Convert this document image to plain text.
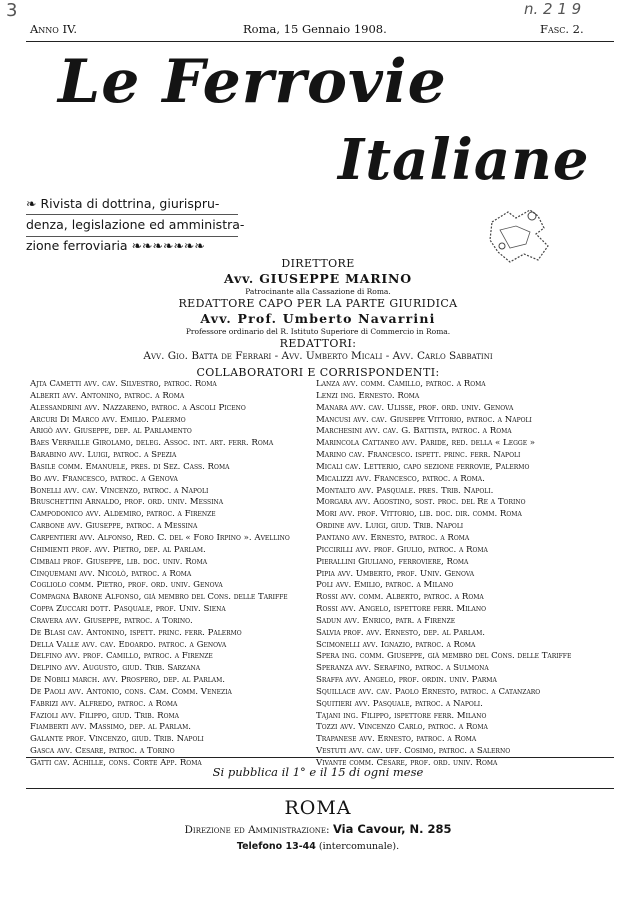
3	n. 2 1 9
Anno IV.	Roma, 15 Gennaio 1908.	Fasc. 2.
Le Ferrovie
Italiane
❧ Rivista di dottrina, giurispru-
denza, legislazione ed amministra-
zione ferroviaria ❧❧❧❧❧❧❧
DIRETTORE
Avv. GIUSEPPE MARINO
Patrocinante alla Cassazione di Roma.
REDATTORE CAPO PER LA PARTE GIURIDICA
Avv. Prof. Umberto Navarrini
Professore ordinario del R. Istituto Superiore di Commercio in Roma.
REDATTORI:
Avv. Gio. Batta de Ferrari - Avv. Umberto Micali - Avv. Carlo Sabbatini
COLLABORATORI E CORRISPONDENTI:
Ajta Cametti avv. cav. Silvestro, patroc. Roma
Alberti avv. Antonino, patroc. a Roma
Alessandrini avv. Nazzareno, patroc. a Ascoli Piceno
Arcuri Di Marco avv. Emilio. Palermo
Arigò avv. Giuseppe, dep. al Parlamento
Baes Verfaille Girolamo, deleg. Assoc. int. art. ferr. Roma
Barabino avv. Luigi, patroc. a Spezia
Basile comm. Emanuele, pres. di Sez. Cass. Roma
Bo avv. Francesco, patroc. a Genova
Bonelli avv. cav. Vincenzo, patroc. a Napoli
Bruschettini Arnaldo, prof. ord. univ. Messina
Campodonico avv. Aldemiro, patroc. a Firenze
Carbone avv. Giuseppe, patroc. a Messina
Carpentieri avv. Alfonso, Red. C. del « Foro Irpino ». Avellino
Chimienti prof. avv. Pietro, dep. al Parlam.
Cimbali prof. Giuseppe, lib. doc. univ. Roma
Cinquemani avv. Nicolò, patroc. a Roma
Cogliolo comm. Pietro, prof. ord. univ. Genova
Compagna Barone Alfonso, già membro del Cons. delle Tariffe
Coppa Zuccari dott. Pasquale, prof. Univ. Siena
Cravera avv. Giuseppe, patroc. a Torino.
De Blasi cav. Antonino, ispett. princ. ferr. Palermo
Della Valle avv. cav. Edoardo. patroc. a Genova
Delfino avv. prof. Camillo, patroc. a Firenze
Delpino avv. Augusto, giud. Trib. Sarzana
De Nobili march. avv. Prospero, dep. al Parlam.
De Paoli avv. Antonio, cons. Cam. Comm. Venezia
Fabrizi avv. Alfredo, patroc. a Roma
Fazioli avv. Filippo, giud. Trib. Roma
Fiamberti avv. Massimo, dep. al Parlam.
Galante prof. Vincenzo, giud. Trib. Napoli
Gasca avv. Cesare, patroc. a Torino
Gatti cav. Achille, cons. Corte App. Roma
Lanza avv. comm. Camillo, patroc. a Roma
Lenzi ing. Ernesto. Roma
Manara avv. cav. Ulisse, prof. ord. univ. Genova
Mancusi avv. cav. Giuseppe Vittorio, patroc. a Napoli
Marchesini avv. cav. G. Battista, patroc. a Roma
Marincola Cattaneo avv. Paride, red. della « Legge »
Marino cav. Francesco. ispett. princ. ferr. Napoli
Micali cav. Letterio, capo sezione ferrovie, Palermo
Micalizzi avv. Francesco, patroc. a Roma.
Montalto avv. Pasquale. pres. Trib. Napoli.
Morgara avv. Agostino, sost. proc. del Re a Torino
Mori avv. prof. Vittorio, lib. doc. dir. comm. Roma
Ordine avv. Luigi, giud. Trib. Napoli
Pantano avv. Ernesto, patroc. a Roma
Piccirilli avv. prof. Giulio, patroc. a Roma
Pierallini Giuliano, ferroviere, Roma
Pipia avv. Umberto, prof. Univ. Genova
Poli avv. Emilio, patroc. a Milano
Rossi avv. comm. Alberto, patroc. a Roma
Rossi avv. Angelo, ispettore ferr. Milano
Sadun avv. Enrico, patr. a Firenze
Salvia prof. avv. Ernesto, dep. al Parlam.
Scimonelli avv. Ignazio, patroc. a Roma
Spera ing. comm. Giuseppe, già membro del Cons. delle Tariffe
Speranza avv. Serafino, patroc. a Sulmona
Sraffa avv. Angelo, prof. ordin. univ. Parma
Squillace avv. cav. Paolo Ernesto, patroc. a Catanzaro
Squitieri avv. Pasquale, patroc. a Napoli.
Tajani ing. Filippo, ispettore ferr. Milano
Tozzi avv. Vincenzo Carlo, patroc. a Roma
Trapanese avv. Ernesto, patroc. a Roma
Vestuti avv. cav. uff. Cosimo, patroc. a Salerno
Vivante comm. Cesare, prof. ord. univ. Roma
Si pubblica il 1° e il 15 di ogni mese
ROMA
Direzione ed Amministrazione: Via Cavour, N. 285
Telefono 13-44 (intercomunale).
